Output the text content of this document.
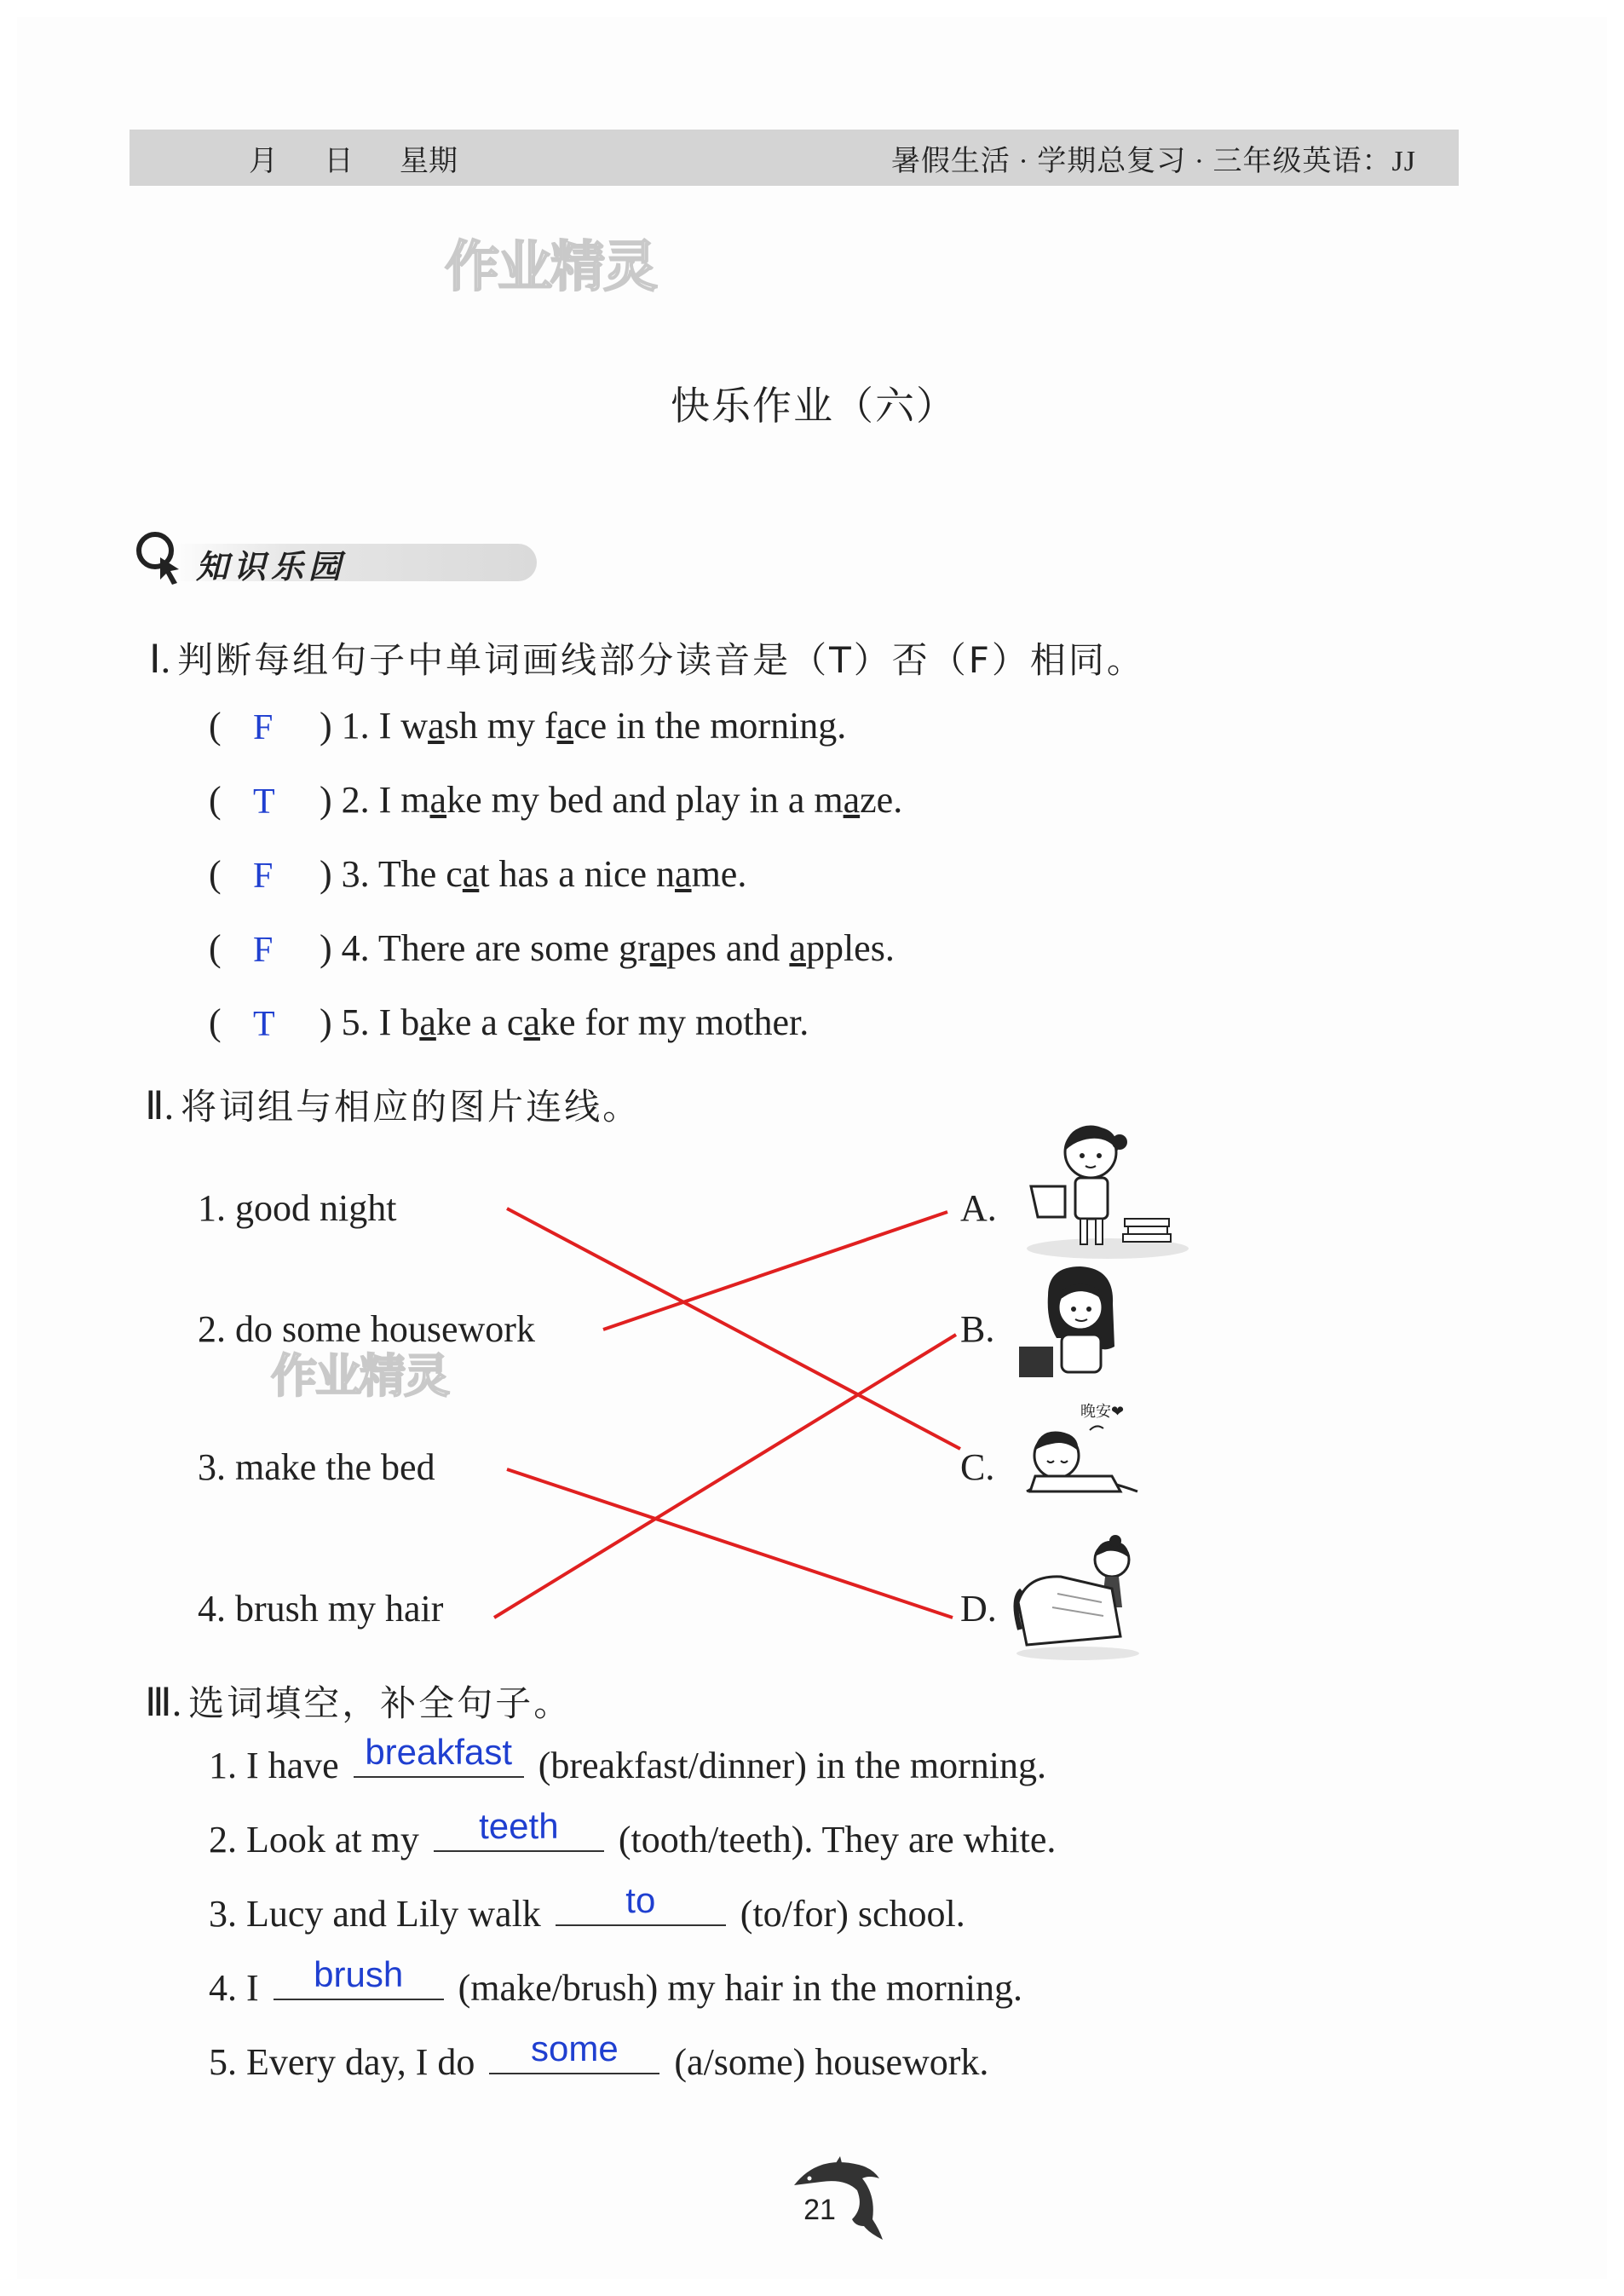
月 日 星期	暑假生活 · 学期总复习 · 三年级英语：JJ
作业精灵
快乐作业（六）
知识乐园
Ⅰ. 判断每组句子中单词画线部分读音是（T）否（F）相同。
( F ) 1. I wash my face in the morning.
( T ) 2. I make my bed and play in a maze.
( F ) 3. The cat has a nice name.
( F ) 4. There are some grapes and apples.
( T ) 5. I bake a cake for my mother.
Ⅱ. 将词组与相应的图片连线。
1. good night
2. do some housework
3. make the bed
4. brush my hair
A.
B.
C.
D.
作业精灵
晚安❤
Ⅲ. 选词填空，补全句子。
1. I have breakfast (breakfast/dinner) in the morning.
2. Look at my	teeth	(tooth/teeth). They are white.
3. Lucy and Lily walk	to	(to/for) school.
4. I	brush	(make/brush) my hair in the morning.
5. Every day, I do	some	(a/some) housework.
21
